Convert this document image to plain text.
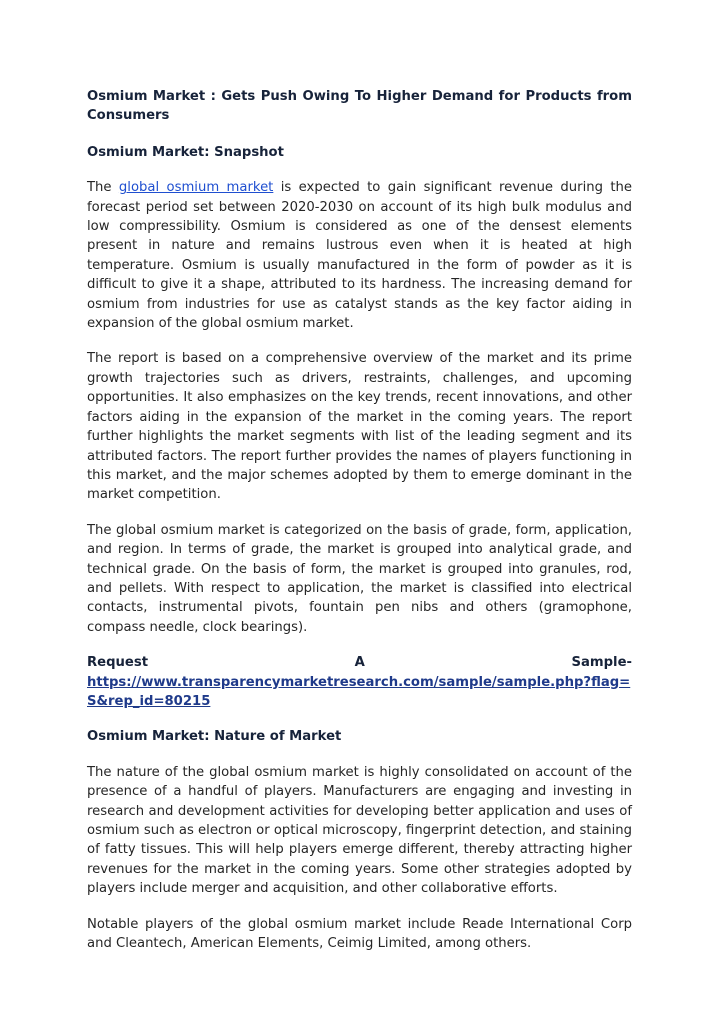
Osmium Market : Gets Push Owing To Higher Demand for Products from Consumers
Osmium Market: Snapshot
The global osmium market is expected to gain significant revenue during the forecast period set between 2020-2030 on account of its high bulk modulus and low compressibility. Osmium is considered as one of the densest elements present in nature and remains lustrous even when it is heated at high temperature. Osmium is usually manufactured in the form of powder as it is difficult to give it a shape, attributed to its hardness. The increasing demand for osmium from industries for use as catalyst stands as the key factor aiding in expansion of the global osmium market.
The report is based on a comprehensive overview of the market and its prime growth trajectories such as drivers, restraints, challenges, and upcoming opportunities. It also emphasizes on the key trends, recent innovations, and other factors aiding in the expansion of the market in the coming years. The report further highlights the market segments with list of the leading segment and its attributed factors. The report further provides the names of players functioning in this market, and the major schemes adopted by them to emerge dominant in the market competition.
The global osmium market is categorized on the basis of grade, form, application, and region. In terms of grade, the market is grouped into analytical grade, and technical grade. On the basis of form, the market is grouped into granules, rod, and pellets. With respect to application, the market is classified into electrical contacts, instrumental pivots, fountain pen nibs and others (gramophone, compass needle, clock bearings).
Request	A	Sample-
https://www.transparencymarketresearch.com/sample/sample.php?flag=S&rep_id=80215
Osmium Market: Nature of Market
The nature of the global osmium market is highly consolidated on account of the presence of a handful of players. Manufacturers are engaging and investing in research and development activities for developing better application and uses of osmium such as electron or optical microscopy, fingerprint detection, and staining of fatty tissues. This will help players emerge different, thereby attracting higher revenues for the market in the coming years. Some other strategies adopted by players include merger and acquisition, and other collaborative efforts.
Notable players of the global osmium market include Reade International Corp and Cleantech, American Elements, Ceimig Limited, among others.
